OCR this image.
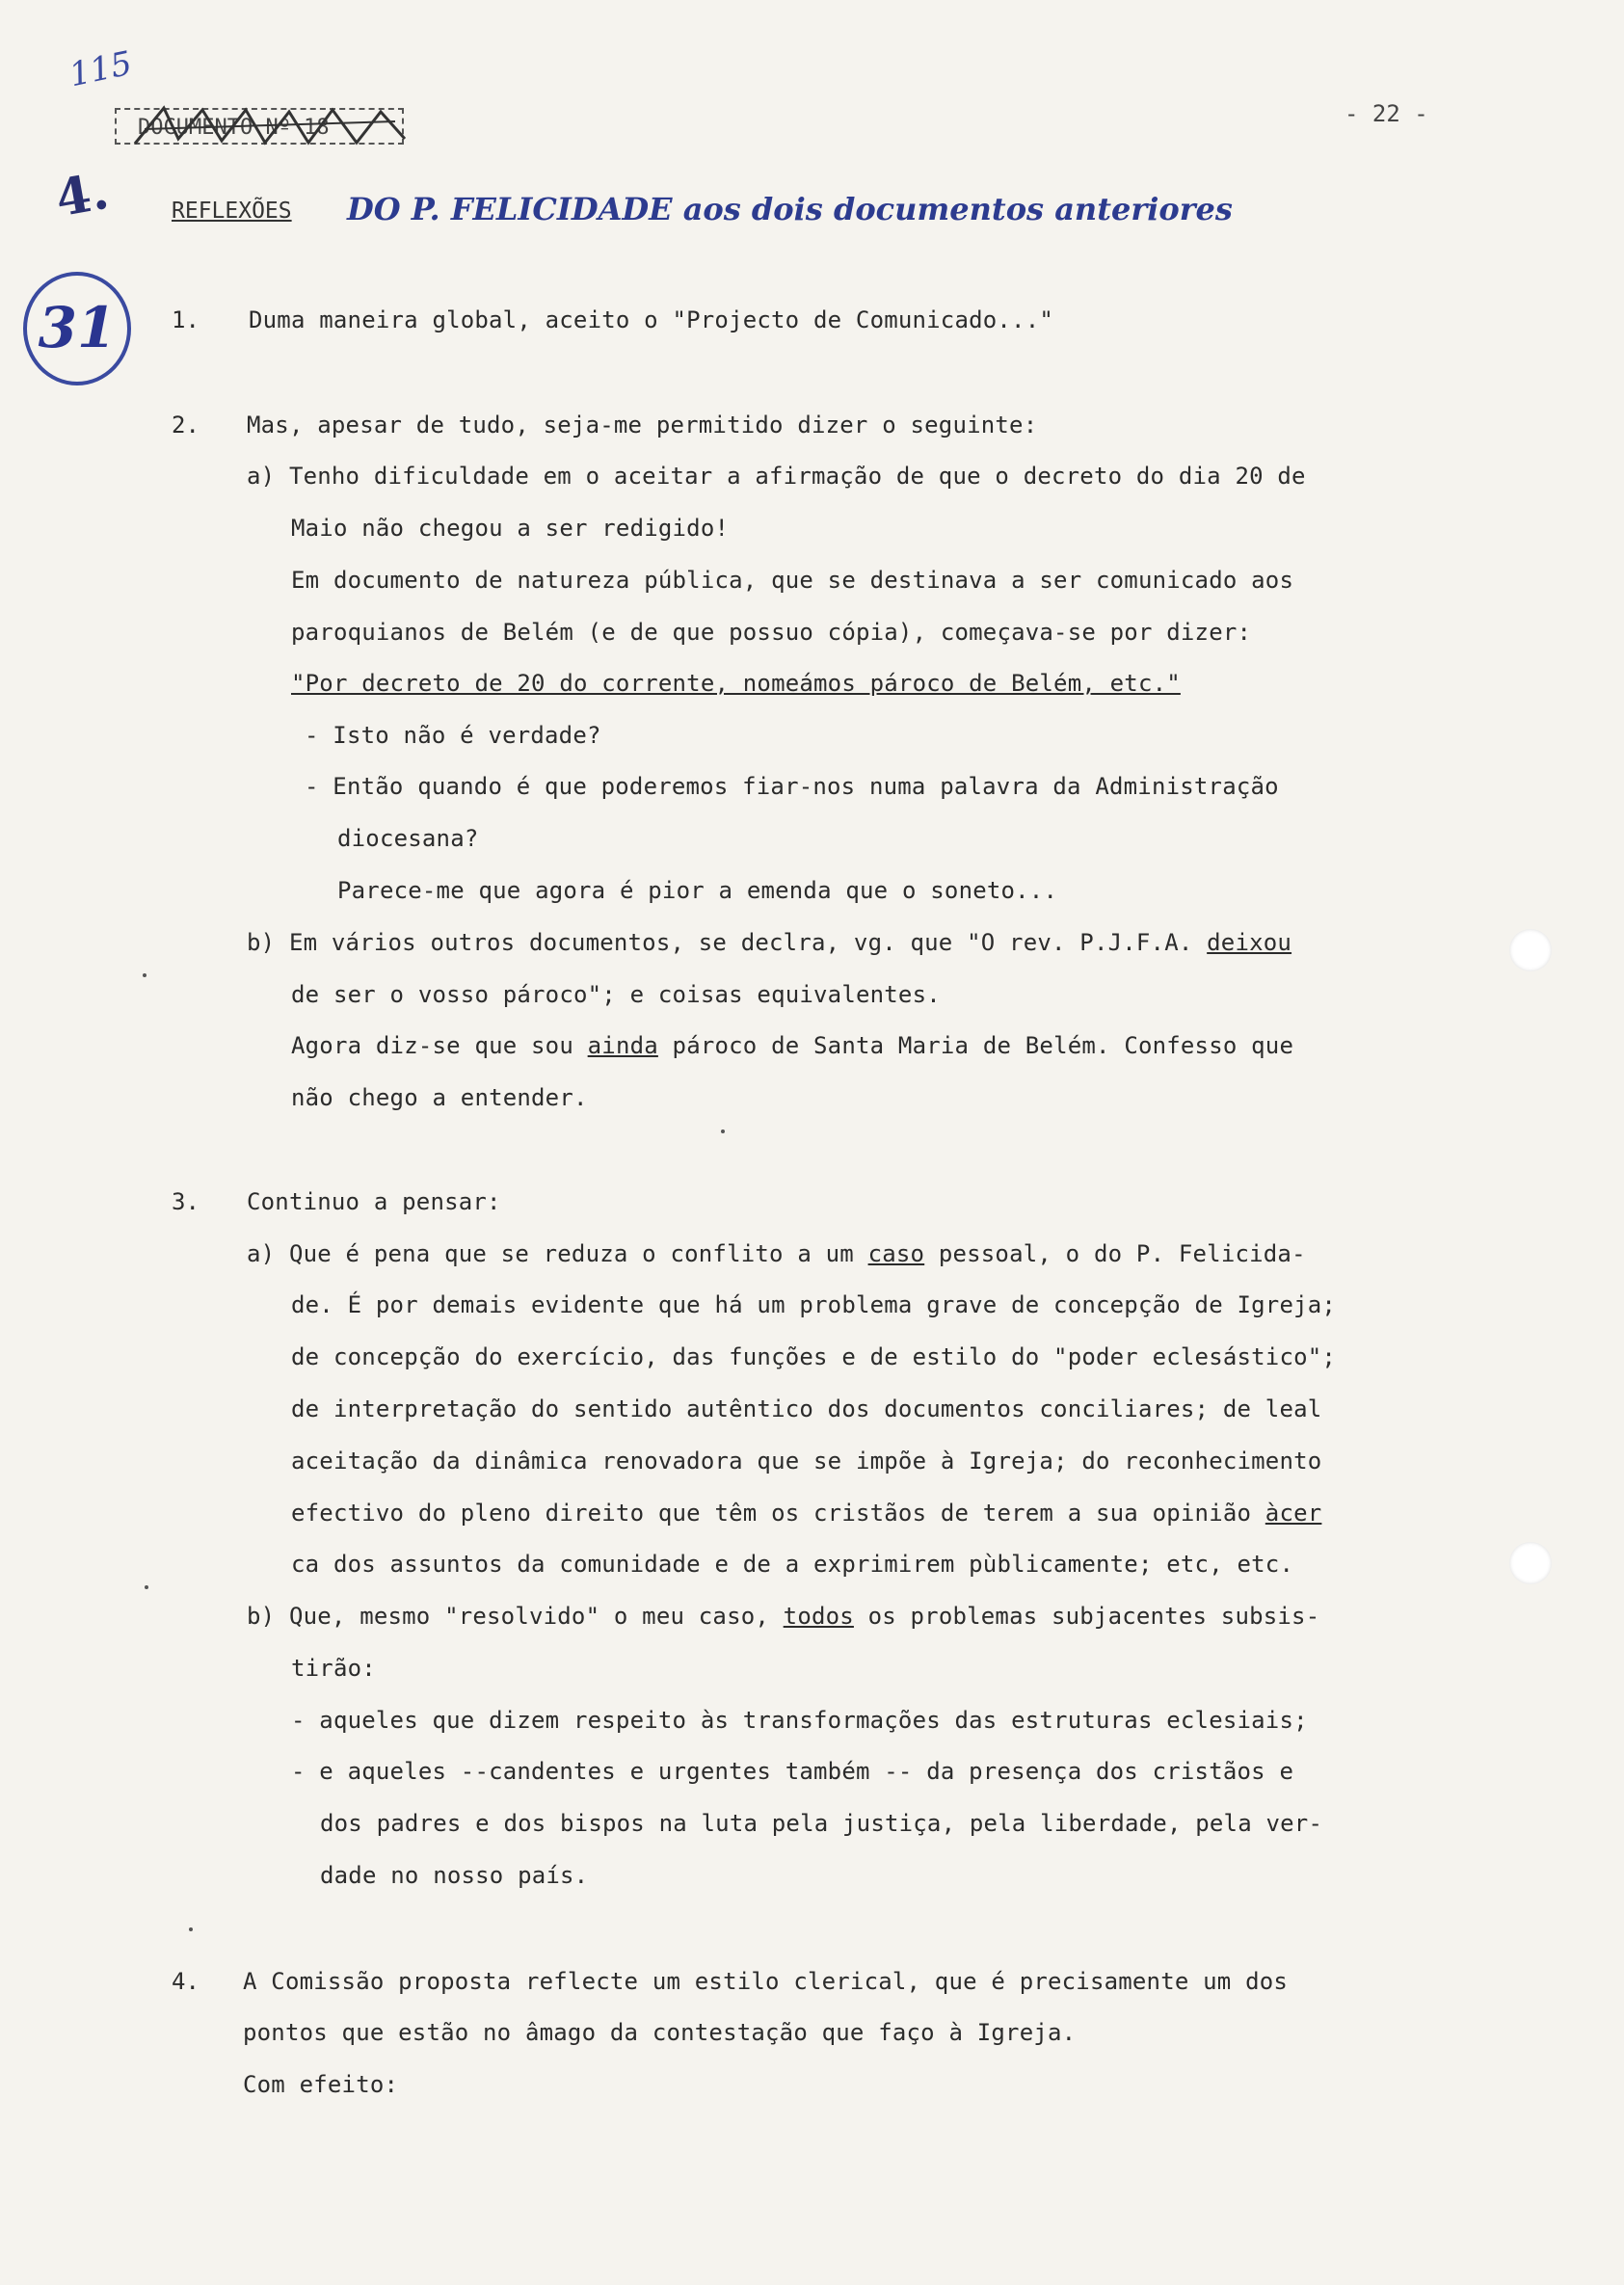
115
- 22 -
DOCUMENTO Nº 18
4.	REFLEXÕES DO P. FELICIDADE aos dois documentos anteriores
31	1. Duma maneira global, aceito o "Projecto de Comunicado..."
2. Mas, apesar de tudo, seja-me permitido dizer o seguinte:
a) Tenho dificuldade em o aceitar a afirmação de que o decreto do dia 20 de
Maio não chegou a ser redigido!
Em documento de natureza pública, que se destinava a ser comunicado aos
paroquianos de Belém (e de que possuo cópia), começava-se por dizer:
"Por decreto de 20 do corrente, nomeámos pároco de Belém, etc."
- Isto não é verdade?
- Então quando é que poderemos fiar-nos numa palavra da Administração
diocesana?
Parece-me que agora é pior a emenda que o soneto...
b) Em vários outros documentos, se declra, vg. que "O rev. P.J.F.A. deixou
de ser o vosso pároco"; e coisas equivalentes.
Agora diz-se que sou ainda pároco de Santa Maria de Belém. Confesso que
não chego a entender.
3. Continuo a pensar:
a) Que é pena que se reduza o conflito a um caso pessoal, o do P. Felicida-
de. É por demais evidente que há um problema grave de concepção de Igreja;
de concepção do exercício, das funções e de estilo do "poder eclesástico";
de interpretação do sentido autêntico dos documentos conciliares; de leal
aceitação da dinâmica renovadora que se impõe à Igreja; do reconhecimento
efectivo do pleno direito que têm os cristãos de terem a sua opinião àcer
ca dos assuntos da comunidade e de a exprimirem pùblicamente; etc, etc.
b) Que, mesmo "resolvido" o meu caso, todos os problemas subjacentes subsis-
tirão:
- aqueles que dizem respeito às transformações das estruturas eclesiais;
- e aqueles --candentes e urgentes também -- da presença dos cristãos e
dos padres e dos bispos na luta pela justiça, pela liberdade, pela ver-
dade no nosso país.
4. A Comissão proposta reflecte um estilo clerical, que é precisamente um dos
pontos que estão no âmago da contestação que faço à Igreja.
Com efeito:
